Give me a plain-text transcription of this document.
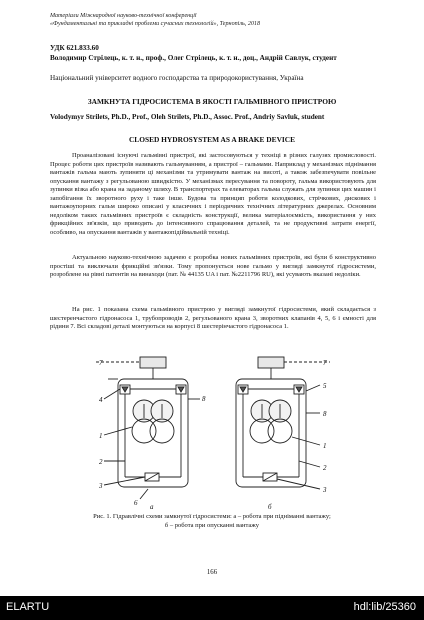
Матеріали Міжнародної науково-технічної конференції
«Фундаментальні та прикладні проблеми сучасних технологій», Тернопіль, 2018
УДК 621.833.60
Володимир Стрілець, к. т. н., проф., Олег Стрілець, к. т. н., доц., Андрій Савлук, студент
Національний університет водного господарства та природокористування, Україна
ЗАМКНУТА ГІДРОСИСТЕМА В ЯКОСТІ ГАЛЬМІВНОГО ПРИСТРОЮ
Volodymyr Strilets, Ph.D., Prof., Oleh Strilets, Ph.D., Assoc. Prof., Andriy Savluk, student
CLOSED HYDROSYSTEM AS A BRAKE DEVICE

Проаналізовані існуючі гальмівні пристрої, які застосовуються у техніці в різних галузях промисловості. Процес роботи цих пристроїв називають гальмуванням, а пристрої – гальмами. Наприклад у механізмах піднімання вантажів гальма мають зупиняти ці механізми та утримувати вантаж на висоті, а також забезпечувати повільне опускання вантажу з регульованою швидкістю. У механізмах пересування та повороту, гальма використовують для зупинки візка або крана на заданому шляху. В транспортерах та елеваторах гальма служать для зупинки цих машин і запобігання їх зворотного руху і таке інше. Будова та принцип роботи колодкових, стрічкових, дискових і вантажоупорних гальм широко описані у класичних і періодичних технічних літературних джерелах. Основним недоліком таких гальмівних пристроїв є складність конструкції, велика матеріалоємкість, використання у них фрикційних зв'язків, що приводять до інтенсивного спрацювання деталей, та не продуктивні затрати енергії, особливо, на опускання вантажів у вантажопідіймальній техніці.

Актуальною науково-технічною задачею є розробка нових гальмівних пристроїв, які були б конструктивно простіші та виключали фрикційні зв'язки. Тому пропонується нове гальмо у вигляді замкнутої гідросистеми, розроблене на рівні патентів на винаходи (пат. № 44135 UA і пат. №2211796 RU), які усувають вказані недоліки.

На рис. 1 показана схема гальмівного пристрою у вигляді замкнутої гідросистеми, який складається з шестеренчастого гідронасоса 1, трубопроводів 2, регульованого крана 3, зворотних клапанів 4, 5, 6 і ємності для рідини 7. Всі складові деталі монтуються на корпусі 8 шестерінчастого гідронасоса 1.

7
8
4
1
2
3
6 а
7
5
8
1
2
3
б
Рис. 1. Гідравлічні схеми замкнутої гідросистеми: а – робота при підніманні вантажу;
б – робота при опусканні вантажу
166
ELARTU	hdl:lib/25360
